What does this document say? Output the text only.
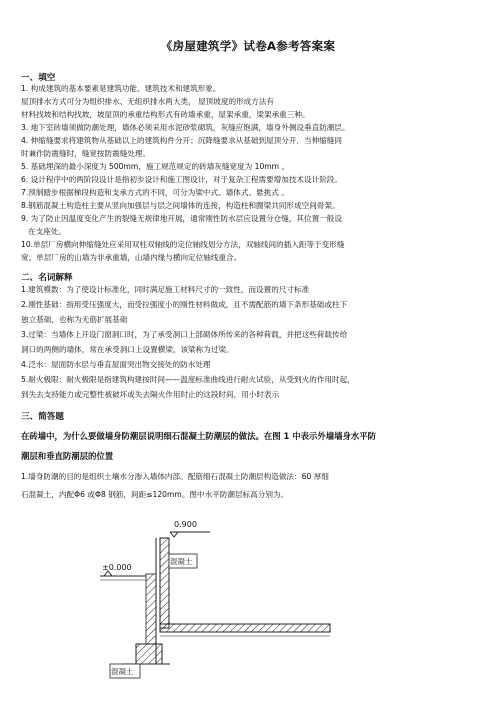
《房屋建筑学》试卷A参考答案案
一、填空
1. 构成建筑的基本要素是建筑功能、建筑技术和建筑形象。
屋顶排水方式可分为组织排水、无组织排水两大类， 屋顶坡度的形成方法有
材料找坡和结构找坡，坡屋顶的承重结构形式有砖墙承重，屋架承重，梁架承重三种。
3. 地下室砖墙须做防潮处理，墙体必须采用水泥砂浆砌筑，灰缝应饱满，墙身外侧设垂直防潮层。
4. 伸缩缝要求将建筑物从基础以上的建筑构件分开；沉降缝要求从基础到屋顶分开．当伸缩缝同
时兼作防震缝时，缝宽按防震缝处理。
5. 基础埋深的最小深度为 500mm，施工规范规定的砖墙灰缝宽度为 10mm 。
6. 设计程序中的两阶段设计是指初步设计和施工图设计，对于复杂工程需要增加技术设计阶段。
7.预制踏步根据梯段构造和支承方式的不同，可分为梁中式、墙体式、悬挑式 。
8.钢筋混凝土构造柱主要从竖向加强层与层之间墙体的连接，构造柱和圈梁共同形成空间骨架。
9. 为了防止因温度变化产生的裂缝无规律地开展，通常刚性防水层应设置分仓缝，其位置一般设
在支座处。
10.单层厂房横向伸缩缝处应采用双柱双轴线的定位轴线划分方法，双轴线间的插入距等于变形缝
宽。单层厂房的山墙为非承重墙，山墙内缘与横向定位轴线重合。
二、名词解释
1.建筑模数：为了使设计标准化，同时满足施工材料尺寸的一致性，而设置的尺寸标准
2.刚性基础：指用受压强度大，而受拉强度小的刚性材料做成，且不需配筋的墙下条形基础或柱下
独立基础，也称为无筋扩展基础
3.过梁：当墙体上开设门窗洞口时，为了承受洞口上部砌体所传来的各种荷载，并把这些荷载传给
洞口的两侧的墙体，常在承受洞口上设置横梁，该梁称为过梁。
4.泛水：屋面防水层与垂直屋面突出物交接处的防水处理
5.耐火极限：耐火极限是指建筑构建按时间——温度标准曲线进行耐火试验，从受到火的作用时起，
到失去支持能力或完整性被破坏或失去隔火作用时止的这段时间，用小时表示
三、简答题
在砖墙中，为什么要做墙身防潮层说明细石混凝土防潮层的做法。在图 1 中表示外墙墙身水平防
潮层和垂直防潮层的位置
1.墙身防潮的目的是组织土壤水分渗入墙体内部。配筋细石混凝土防潮层构造做法：60 厚细
石混凝土，内配Φ6 或Φ8 钢筋，间距≤120mm。图中水平防潮层标高分别为。
0.900
混凝土
±0.000
混凝土
